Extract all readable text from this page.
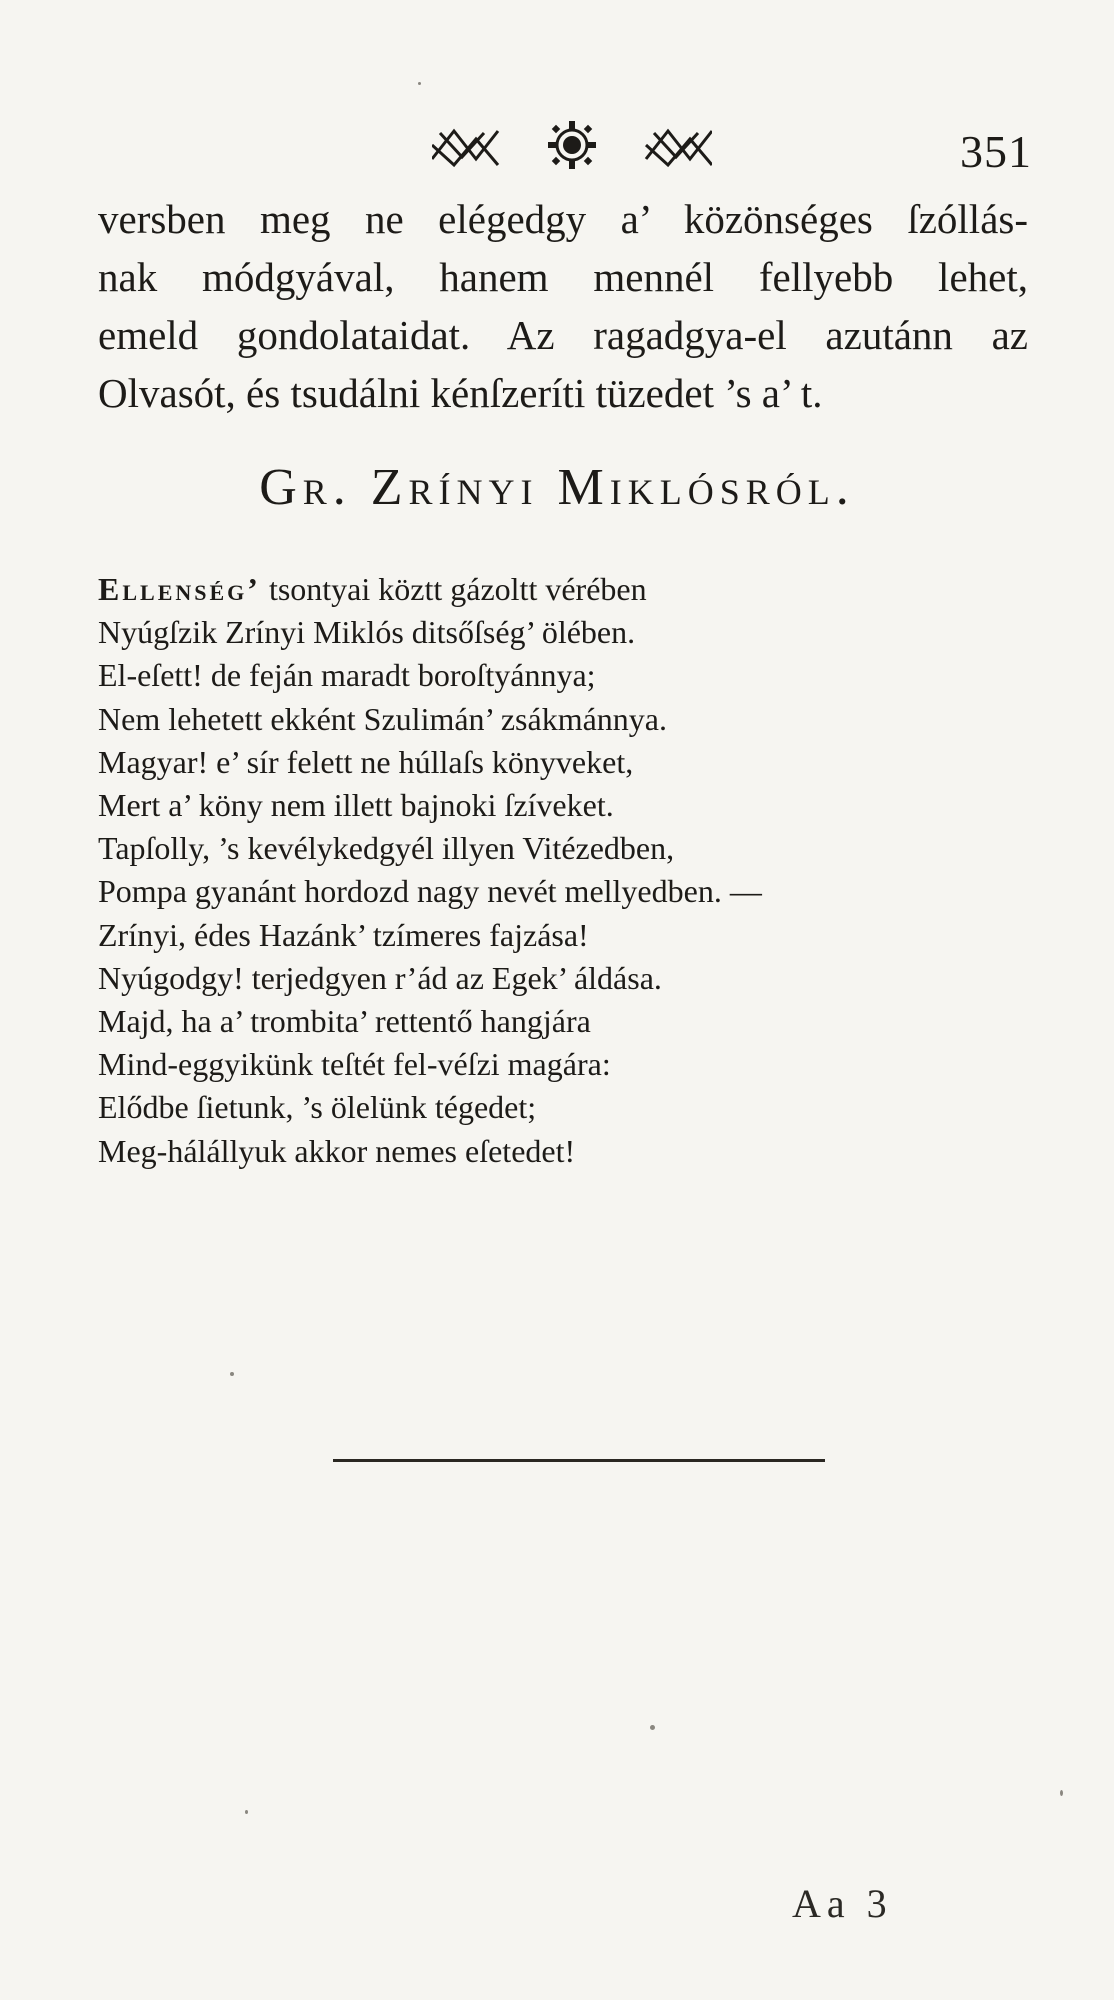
351
versben meg ne elégedgy a’ közönséges ſzóllás-
nak módgyával, hanem mennél fellyebb lehet,
emeld gondolataidat. Az ragadgya-el azutánn az
Olvasót, és tsudálni kénſzeríti tüzedet ’s a’ t.
Gr. Zrínyi Miklósról.
Ellenség’ tsontyai köztt gázoltt vérében
Nyúgſzik Zrínyi Miklós ditsőſség’ ölében.
El-eſett! de feján maradt boroſtyánnya;
Nem lehetett ekként Szulimán’ zsákmánnya.
Magyar! e’ sír felett ne húllaſs könyveket,
Mert a’ köny nem illett bajnoki ſzíveket.
Tapſolly, ’s kevélykedgyél illyen Vitézedben,
Pompa gyanánt hordozd nagy nevét mellyedben. —
Zrínyi, édes Hazánk’ tzímeres fajzása!
Nyúgodgy! terjedgyen r’ád az Egek’ áldása.
Majd, ha a’ trombita’ rettentő hangjára
Mind-eggyikünk teſtét fel-véſzi magára:
Elődbe ſietunk, ’s ölelünk tégedet;
Meg-hálállyuk akkor nemes eſetedet!
Aa 3
